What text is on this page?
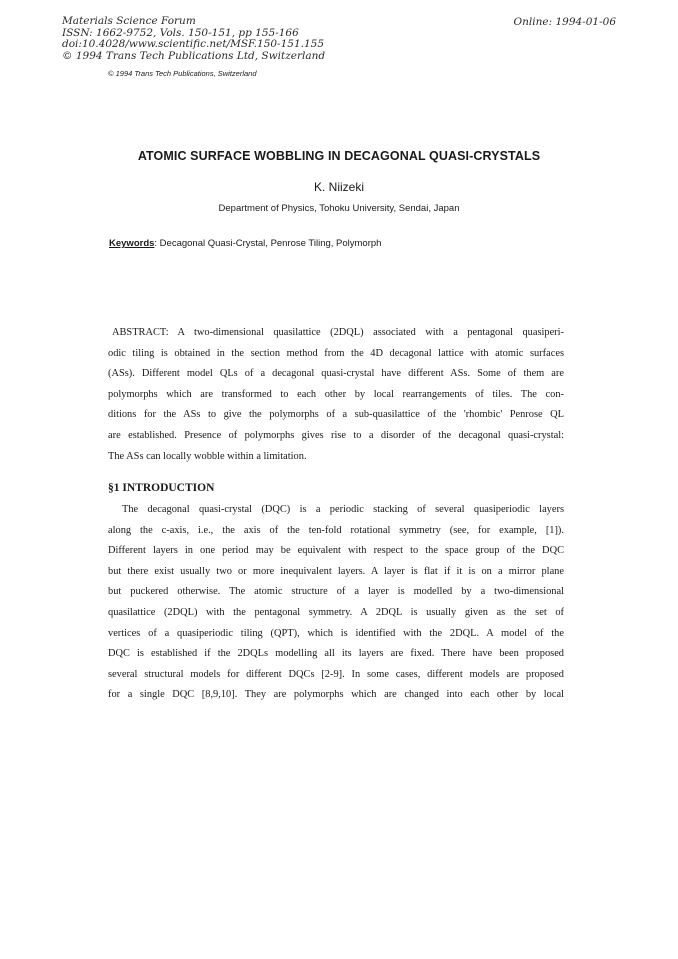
Materials Science Forum
ISSN: 1662-9752, Vols. 150-151, pp 155-166
doi:10.4028/www.scientific.net/MSF.150-151.155
© 1994 Trans Tech Publications Ltd, Switzerland
Online: 1994-01-06
© 1994 Trans Tech Publications, Switzerland
ATOMIC SURFACE WOBBLING IN DECAGONAL QUASI-CRYSTALS
K. Niizeki
Department of Physics, Tohoku University, Sendai, Japan
Keywords: Decagonal Quasi-Crystal, Penrose Tiling, Polymorph
ABSTRACT: A two-dimensional quasilattice (2DQL) associated with a pentagonal quasiperi-
odic tiling is obtained in the section method from the 4D decagonal lattice with atomic surfaces
(ASs). Different model QLs of a decagonal quasi-crystal have different ASs. Some of them are
polymorphs which are transformed to each other by local rearrangements of tiles. The con-
ditions for the ASs to give the polymorphs of a sub-quasilattice of the 'rhombic' Penrose QL
are established. Presence of polymorphs gives rise to a disorder of the decagonal quasi-crystal:
The ASs can locally wobble within a limitation.
§1 INTRODUCTION
The decagonal quasi-crystal (DQC) is a periodic stacking of several quasiperiodic layers
along the c-axis, i.e., the axis of the ten-fold rotational symmetry (see, for example, [1]).
Different layers in one period may be equivalent with respect to the space group of the DQC
but there exist usually two or more inequivalent layers. A layer is flat if it is on a mirror plane
but puckered otherwise. The atomic structure of a layer is modelled by a two-dimensional
quasilattice (2DQL) with the pentagonal symmetry. A 2DQL is usually given as the set of
vertices of a quasiperiodic tiling (QPT), which is identified with the 2DQL. A model of the
DQC is established if the 2DQLs modelling all its layers are fixed. There have been proposed
several structural models for different DQCs [2-9]. In some cases, different models are proposed
for a single DQC [8,9,10]. They are polymorphs which are changed into each other by local
